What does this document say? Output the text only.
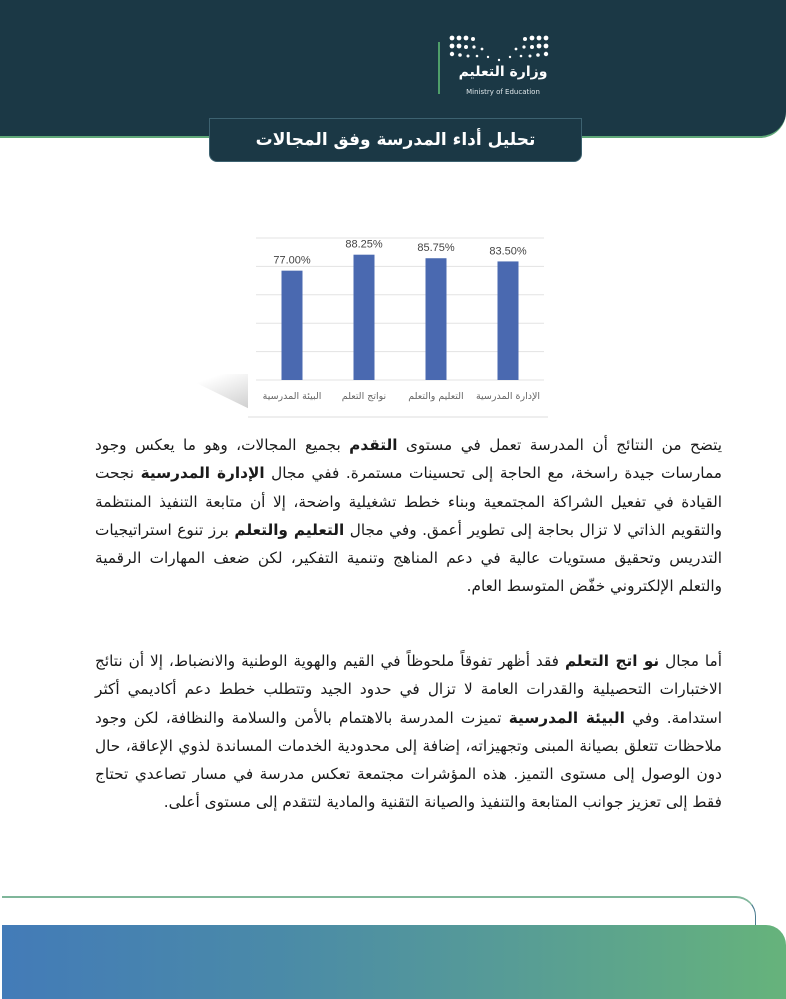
وزارة التعليم
Ministry of Education
تحليل أداء المدرسة وفق المجالات
77.00%
البيئة المدرسية
88.25%
نواتج التعلم
85.75%
التعليم والتعلم
83.50%
الإدارة المدرسية
يتضح من النتائج أن المدرسة تعمل في مستوى التقدم بجميع المجالات، وهو ما يعكس وجود ممارسات جيدة راسخة، مع الحاجة إلى تحسينات مستمرة. ففي مجال الإدارة المدرسية نجحت القيادة في تفعيل الشراكة المجتمعية وبناء خطط تشغيلية واضحة، إلا أن متابعة التنفيذ المنتظمة والتقويم الذاتي لا تزال بحاجة إلى تطوير أعمق. وفي مجال التعليم والتعلم برز تنوع استراتيجيات التدريس وتحقيق مستويات عالية في دعم المناهج وتنمية التفكير، لكن ضعف المهارات الرقمية والتعلم الإلكتروني خفّض المتوسط العام.
أما مجال نو اتج التعلم فقد أظهر تفوقاً ملحوظاً في القيم والهوية الوطنية والانضباط، إلا أن نتائج الاختبارات التحصيلية والقدرات العامة لا تزال في حدود الجيد وتتطلب خطط دعم أكاديمي أكثر استدامة. وفي البيئة المدرسية تميزت المدرسة بالاهتمام بالأمن والسلامة والنظافة، لكن وجود ملاحظات تتعلق بصيانة المبنى وتجهيزاته، إضافة إلى محدودية الخدمات المساندة لذوي الإعاقة، حال دون الوصول إلى مستوى التميز. هذه المؤشرات مجتمعة تعكس مدرسة في مسار تصاعدي تحتاج فقط إلى تعزيز جوانب المتابعة والتنفيذ والصيانة التقنية والمادية لتتقدم إلى مستوى أعلى.
